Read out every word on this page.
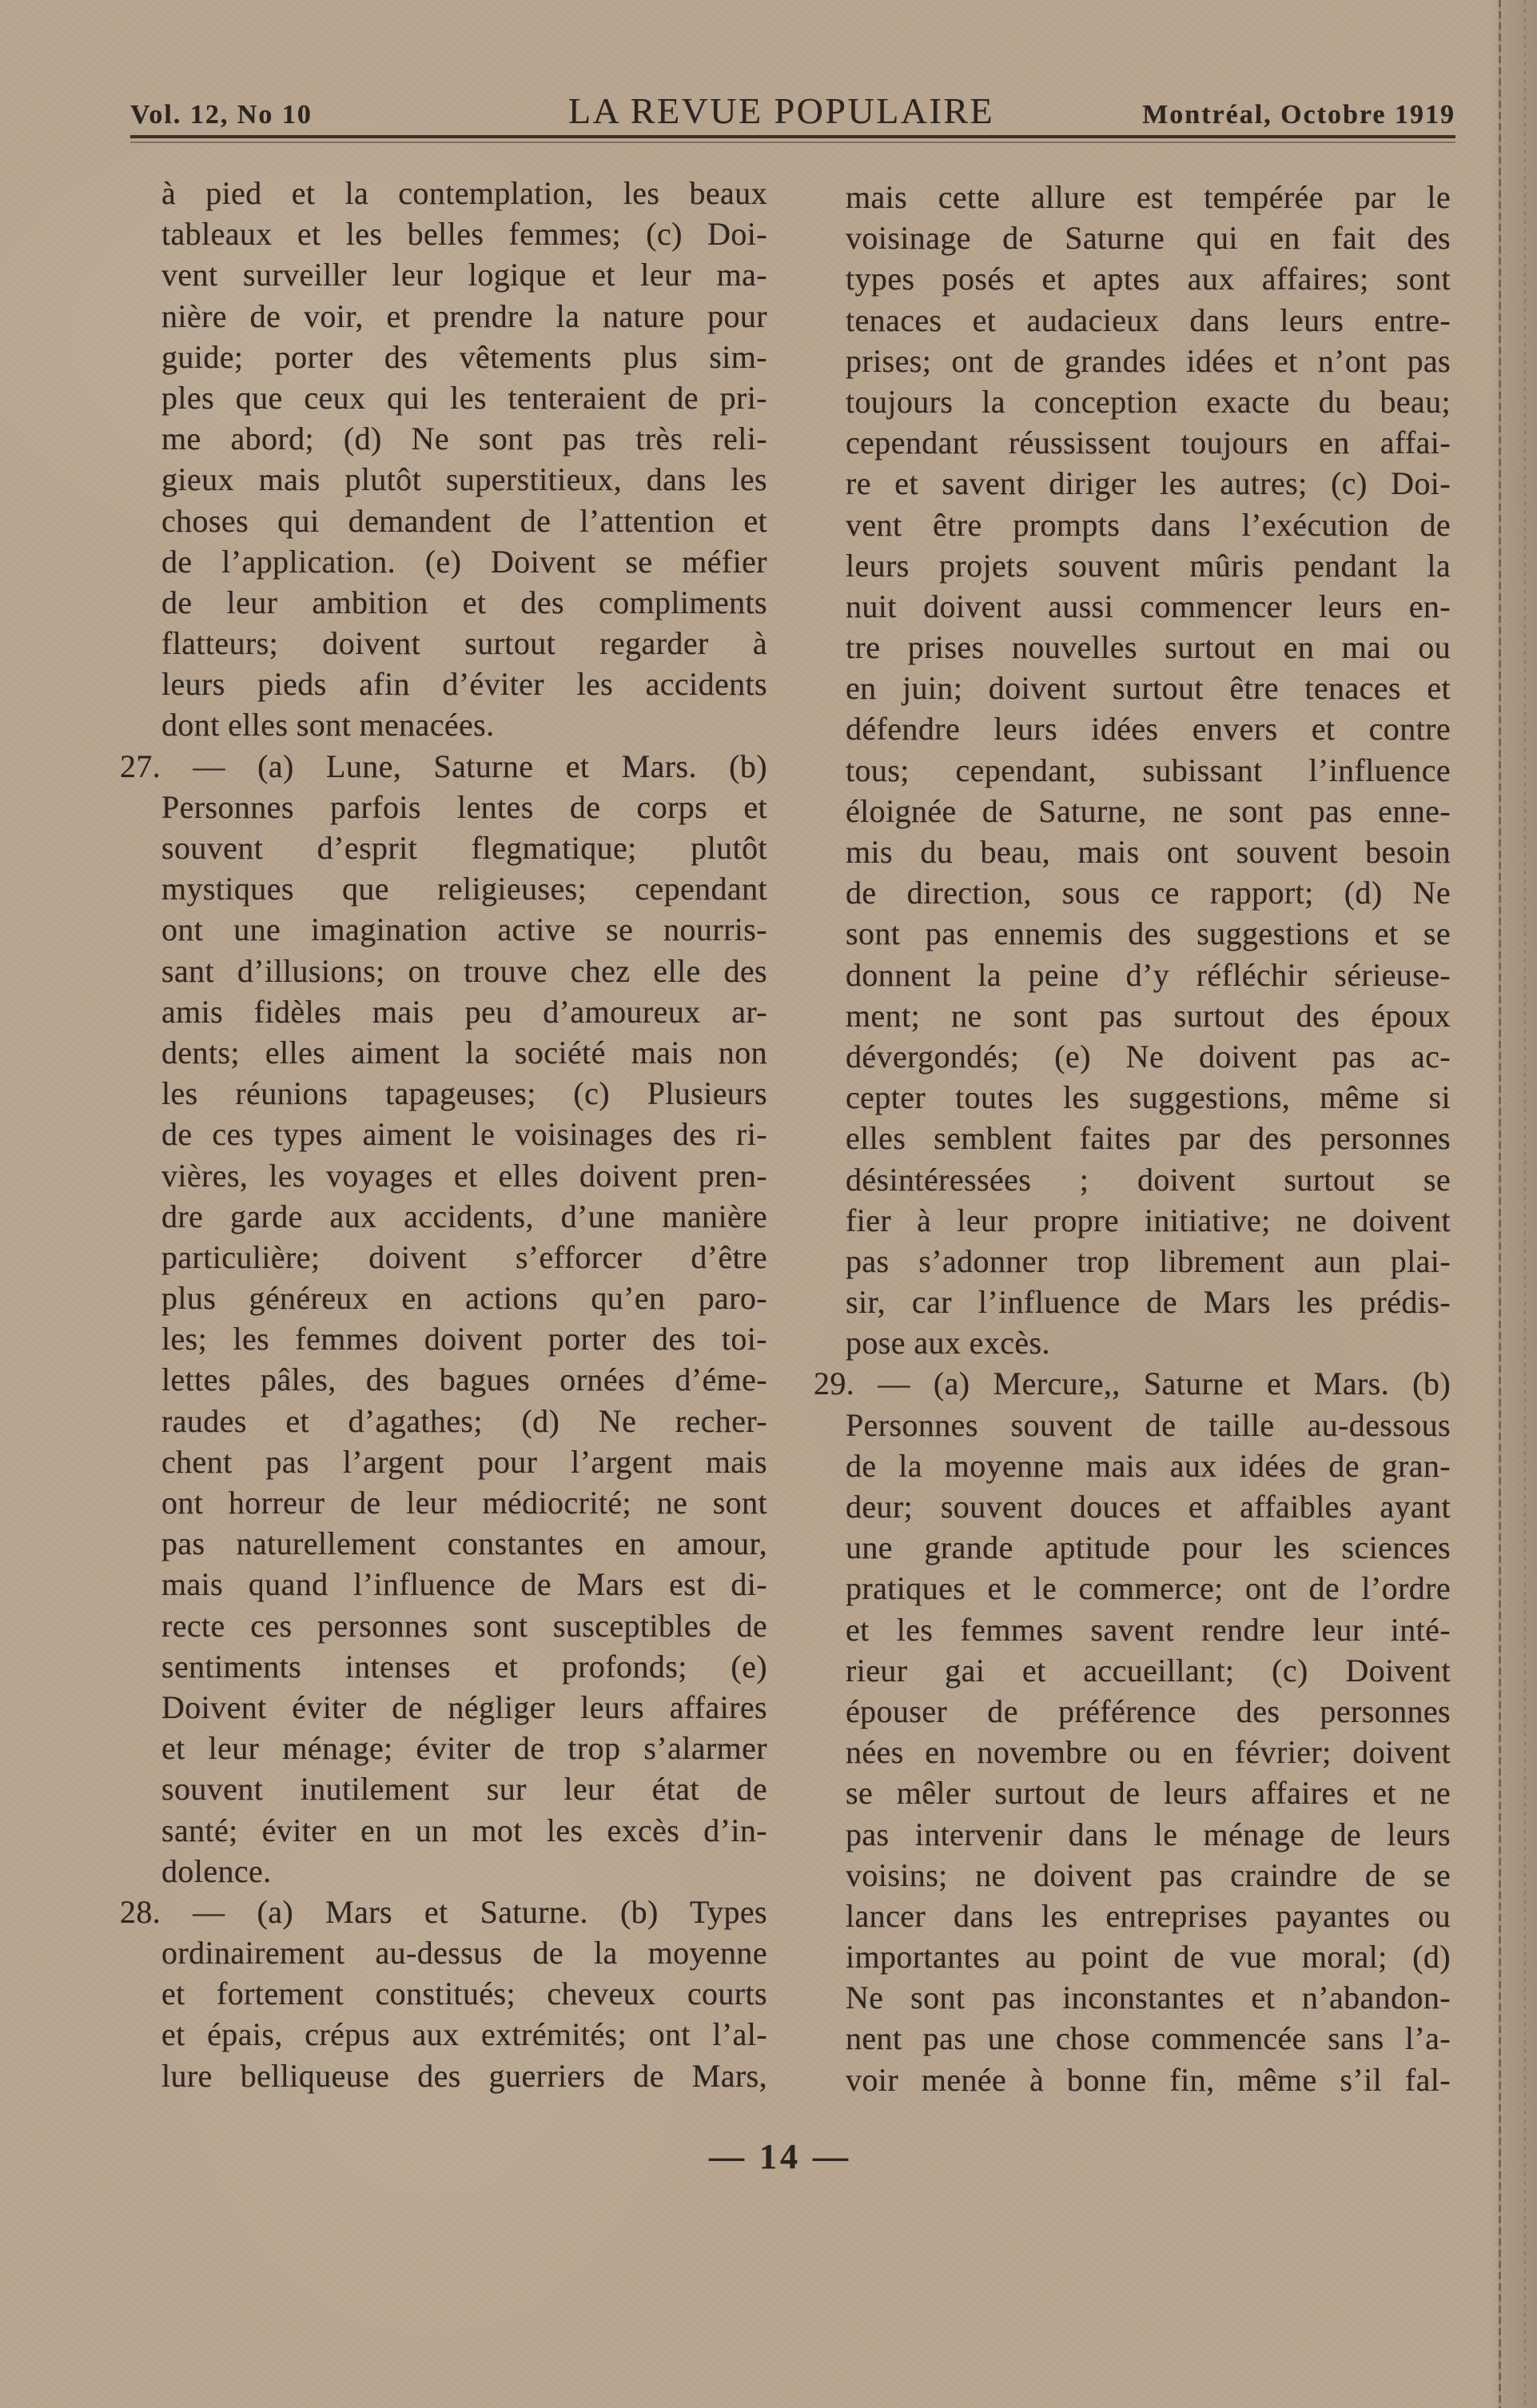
Vol. 12, No 10	LA REVUE POPULAIRE	Montréal, Octobre 1919
à pied et la contemplation, les beaux
tableaux et les belles femmes; (c) Doi-
vent surveiller leur logique et leur ma-
nière de voir, et prendre la nature pour
guide; porter des vêtements plus sim-
ples que ceux qui les tenteraient de pri-
me abord; (d) Ne sont pas très reli-
gieux mais plutôt superstitieux, dans les
choses qui demandent de l’attention et
de l’application. (e) Doivent se méfier
de leur ambition et des compliments
flatteurs; doivent surtout regarder à
leurs pieds afin d’éviter les accidents
dont elles sont menacées.
27. — (a) Lune, Saturne et Mars. (b)
Personnes parfois lentes de corps et
souvent d’esprit flegmatique; plutôt
mystiques que religieuses; cependant
ont une imagination active se nourris-
sant d’illusions; on trouve chez elle des
amis fidèles mais peu d’amoureux ar-
dents; elles aiment la société mais non
les réunions tapageuses; (c) Plusieurs
de ces types aiment le voisinages des ri-
vières, les voyages et elles doivent pren-
dre garde aux accidents, d’une manière
particulière; doivent s’efforcer d’être
plus généreux en actions qu’en paro-
les; les femmes doivent porter des toi-
lettes pâles, des bagues ornées d’éme-
raudes et d’agathes; (d) Ne recher-
chent pas l’argent pour l’argent mais
ont horreur de leur médiocrité; ne sont
pas naturellement constantes en amour,
mais quand l’influence de Mars est di-
recte ces personnes sont susceptibles de
sentiments intenses et profonds; (e)
Doivent éviter de négliger leurs affaires
et leur ménage; éviter de trop s’alarmer
souvent inutilement sur leur état de
santé; éviter en un mot les excès d’in-
dolence.
28. — (a) Mars et Saturne. (b) Types
ordinairement au-dessus de la moyenne
et fortement constitués; cheveux courts
et épais, crépus aux extrémités; ont l’al-
lure belliqueuse des guerriers de Mars,
mais cette allure est tempérée par le
voisinage de Saturne qui en fait des
types posés et aptes aux affaires; sont
tenaces et audacieux dans leurs entre-
prises; ont de grandes idées et n’ont pas
toujours la conception exacte du beau;
cependant réussissent toujours en affai-
re et savent diriger les autres; (c) Doi-
vent être prompts dans l’exécution de
leurs projets souvent mûris pendant la
nuit doivent aussi commencer leurs en-
tre prises nouvelles surtout en mai ou
en juin; doivent surtout être tenaces et
défendre leurs idées envers et contre
tous; cependant, subissant l’influence
éloignée de Saturne, ne sont pas enne-
mis du beau, mais ont souvent besoin
de direction, sous ce rapport; (d) Ne
sont pas ennemis des suggestions et se
donnent la peine d’y réfléchir sérieuse-
ment; ne sont pas surtout des époux
dévergondés; (e) Ne doivent pas ac-
cepter toutes les suggestions, même si
elles semblent faites par des personnes
désintéressées ; doivent surtout se
fier à leur propre initiative; ne doivent
pas s’adonner trop librement aun plai-
sir, car l’influence de Mars les prédis-
pose aux excès.
29. — (a) Mercure,, Saturne et Mars. (b)
Personnes souvent de taille au-dessous
de la moyenne mais aux idées de gran-
deur; souvent douces et affaibles ayant
une grande aptitude pour les sciences
pratiques et le commerce; ont de l’ordre
et les femmes savent rendre leur inté-
rieur gai et accueillant; (c) Doivent
épouser de préférence des personnes
nées en novembre ou en février; doivent
se mêler surtout de leurs affaires et ne
pas intervenir dans le ménage de leurs
voisins; ne doivent pas craindre de se
lancer dans les entreprises payantes ou
importantes au point de vue moral; (d)
Ne sont pas inconstantes et n’abandon-
nent pas une chose commencée sans l’a-
voir menée à bonne fin, même s’il fal-
— 14 —
